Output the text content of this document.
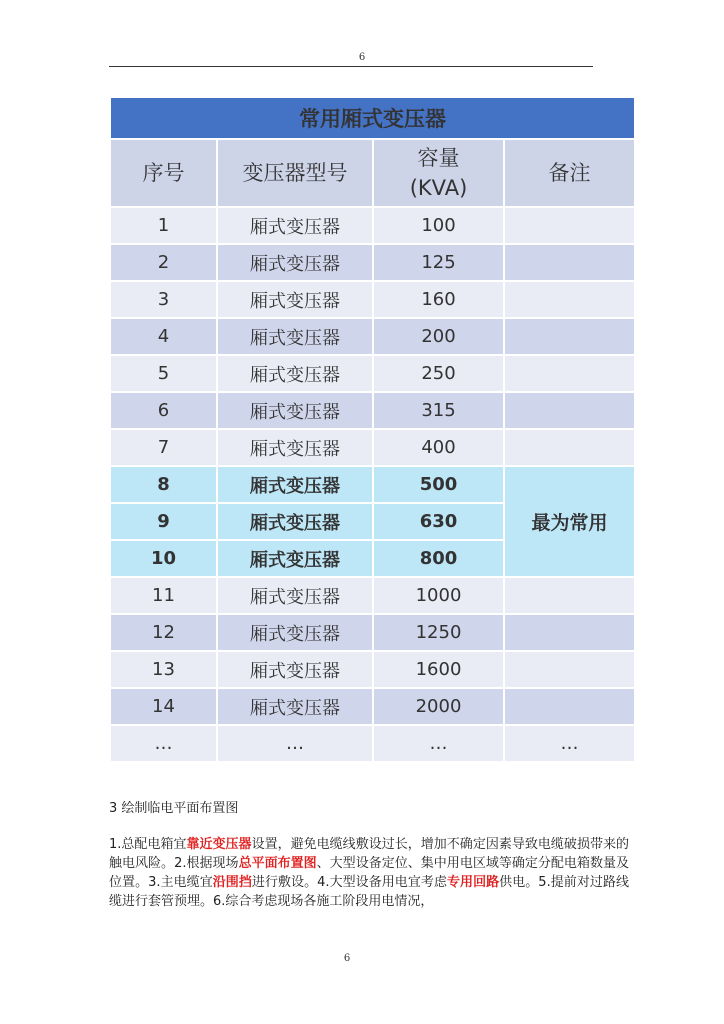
6
常用厢式变压器			
序号	变压器型号	容量
(KVA)	备注
1	厢式变压器	100	
2	厢式变压器	125	
3	厢式变压器	160	
4	厢式变压器	200	
5	厢式变压器	250	
6	厢式变压器	315	
7	厢式变压器	400	
8	厢式变压器	500	最为常用
9	厢式变压器	630	
10	厢式变压器	800	
11	厢式变压器	1000	
12	厢式变压器	1250	
13	厢式变压器	1600	
14	厢式变压器	2000	
…	…	…	…
3 绘制临电平面布置图
1.总配电箱宜靠近变压器设置，避免电缆线敷设过长，增加不确定因素导致电缆破损带来的触电风险。2.根据现场总平面布置图、大型设备定位、集中用电区域等确定分配电箱数量及位置。3.主电缆宜沿围挡进行敷设。4.大型设备用电宜考虑专用回路供电。5.提前对过路线缆进行套管预埋。6.综合考虑现场各施工阶段用电情况，
6
